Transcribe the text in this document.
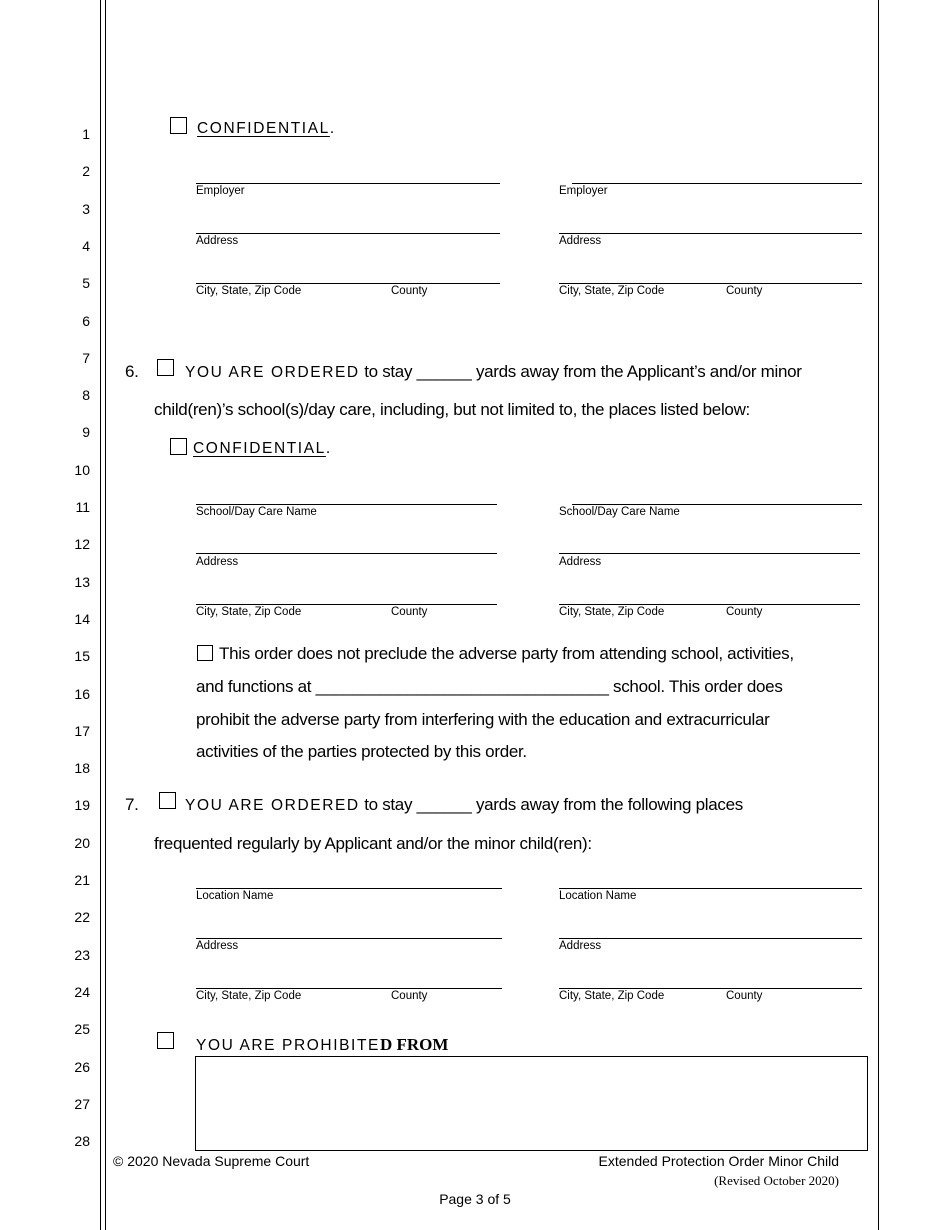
1
2
3
4
5
6
7
8
9
10
11
12
13
14
15
16
17
18
19
20
21
22
23
24
25
26
27
28
CONFIDENTIAL.
Employer	Employer
Address	Address
City, State, Zip Code	County	City, State, Zip Code	County
6.	YOU ARE ORDERED to stay ______ yards away from the Applicant’s and/or minor
child(ren)’s school(s)/day care, including, but not limited to, the places listed below:
CONFIDENTIAL.
School/Day Care Name	School/Day Care Name
Address	Address
City, State, Zip Code	County	City, State, Zip Code	County
This order does not preclude the adverse party from attending school, activities,
and functions at ________________________________ school. This order does
prohibit the adverse party from interfering with the education and extracurricular
activities of the parties protected by this order.
7.	YOU ARE ORDERED to stay ______ yards away from the following places
frequented regularly by Applicant and/or the minor child(ren):
Location Name	Location Name
Address	Address
City, State, Zip Code	County	City, State, Zip Code	County
YOU ARE PROHIBITED FROM
© 2020 Nevada Supreme Court	Extended Protection Order Minor Child
(Revised October 2020)
Page 3 of 5
